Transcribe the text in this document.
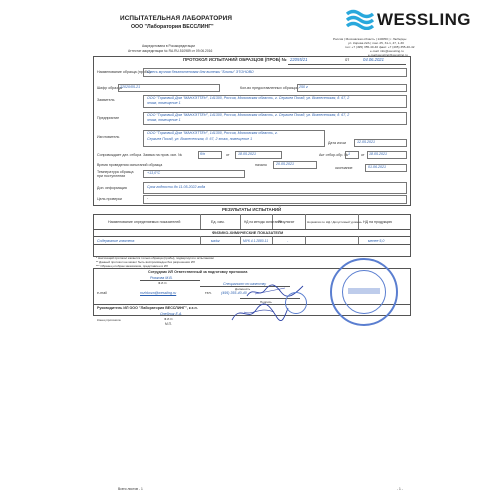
ИСПЫТАТЕЛЬНАЯ ЛАБОРАТОРИЯ
ООО "Лаборатория ВЕССЛИНГ"
Аккредитована в Росаккредитации
Аттестат аккредитации № RA.RU.510989 от 09.06.2016
WESSLING
Россия | Московская область | 140050 | г. Люберцы
ул. Кирова 22А | пом. 25, 31-1, 47, 1-30
тел: +7 (495) 355-40-40 факс: +7 (495) 355-40-42
e-mail: info@wessling.ru
e-mail:wessling@wessling.ru
ПРОТОКОЛ ИСПЫТАНИЙ ОБРАЗЦОВ (ПРОБ) № 22055/21	от	04.06.2021
Наименование образца (пробы)
Смесь мучная безглютеновая для выпечки "Блины" ЭТОНОВО
Шифр образца
22020/05-21	Кол-во предоставленных образцов 250 г
Заявитель	ООО "Торговый Дом "МАНХЭТТЕН", 141300, Россия, Московская область, г. Сергиев Посад, ул. Вознесенская, д. 67, 2
этаж, помещение 1
Предприятие
ООО "Торговый Дом "МАНХЭТТЕН", 141300, Россия, Московская область, г. Сергиев Посад, ул. Вознесенская, д. 67, 2
этаж, помещение 1
Изготовитель
ООО "Торговый Дом "МАНХЭТТЕН", 141300, Россия, Московская область, г.
Сергиев Посад, ул. Вознесенская, д. 67, 2 этаж, помещение 1
Дата изг.ки	12.05.2021
Сопровождает дат. отбора Заявка на пров. исп. №	б/н	от 18.05.2021	Акт отбор.обр. № 1	от 18.05.2021
Время проведения испытаний образца	начало	20.05.2021
окончание	01.06.2021
Температура образца
при поступлении
+13,0°С
Доп. информация	Срок годности до 11.05.2022 года
Цель проверки	-
РЕЗУЛЬТАТЫ ИСПЫТАНИЙ
Наименование определяемых показателей	Ед. изм.	НД на методы испытаний
Результат	Норматив по НД / Допустимый уровень НД на продукцию
ФИЗИКО-ХИМИЧЕСКИЕ ПОКАЗАТЕЛИ
Содержание глютена	мг/кг	МУК 4.1.2880-11	-	менее 5,0
* Настоящий протокол касается только образца (пробы), подвергнутого испытаниям
** Данный протокол не может быть воспроизведен без разрешения ИЛ
*** Образец отобран заказчиком, представлен в ИЛ
Сотрудник ИЛ Ответственный за подготовку протокола
Рожкова М.В.
Ф.И.О.	Специалист по качеству
Должность
e-mail	rozhkova@wessling.ru	тел.	(495) 355-40-40
Подпись
Руководитель ИЛ ООО "Лаборатория ВЕССЛИНГ", к.х.н.
Олейник Е.А.
Ф.И.О.
М.П.
Конец протокола
Всего листов - 1	- 1 -
